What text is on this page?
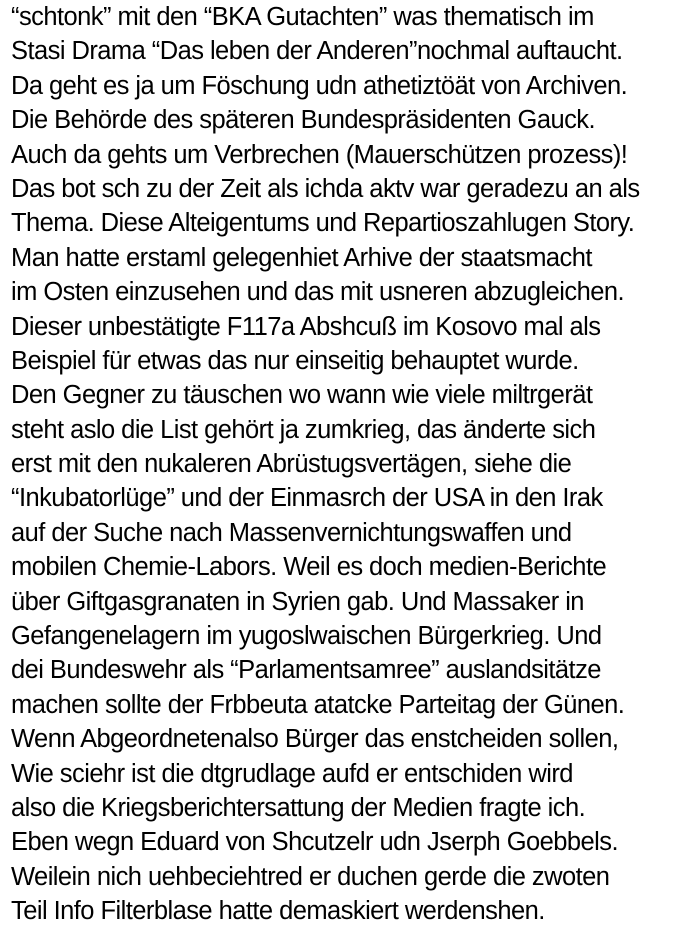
“schtonk” mit den “BKA Gutachten” was thematisch im
Stasi Drama “Das leben der Anderen”nochmal auftaucht.
Da geht es ja um Föschung udn athetiztöät von Archiven.
Die Behörde des späteren Bundespräsidenten Gauck.
Auch da gehts um Verbrechen (Mauerschützen prozess)!
Das bot sch zu der Zeit als ichda aktv war geradezu an als
Thema. Diese Alteigentums und Repartioszahlugen Story.
Man hatte erstaml gelegenhiet Arhive der staatsmacht
im Osten einzusehen und das mit usneren abzugleichen.
Dieser unbestätigte F117a Abshcuß im Kosovo mal als
Beispiel für etwas das nur einseitig behauptet wurde.
Den Gegner zu täuschen wo wann wie viele miltrgerät
steht aslo die List gehört ja zumkrieg, das änderte sich
erst mit den nukaleren Abrüstugsvertägen, siehe die
“Inkubatorlüge” und der Einmasrch der USA in den Irak
auf der Suche nach Massenvernichtungswaffen und
mobilen Chemie-Labors. Weil es doch medien-Berichte
über Giftgasgranaten in Syrien gab. Und Massaker in
Gefangenelagern im yugoslwaischen Bürgerkrieg. Und
dei Bundeswehr als “Parlamentsamree” auslandsitätze
machen sollte der Frbbeuta atatcke Parteitag der Günen.
Wenn Abgeordnetenalso Bürger das enstcheiden sollen,
Wie sciehr ist die dtgrudlage aufd er entschiden wird
also die Kriegsberichtersattung der Medien fragte ich.
Eben wegn Eduard von Shcutzelr udn Jserph Goebbels.
Weilein nich uehbeciehtred er duchen gerde die zwoten
Teil Info Filterblase hatte demaskiert werdenshen.
